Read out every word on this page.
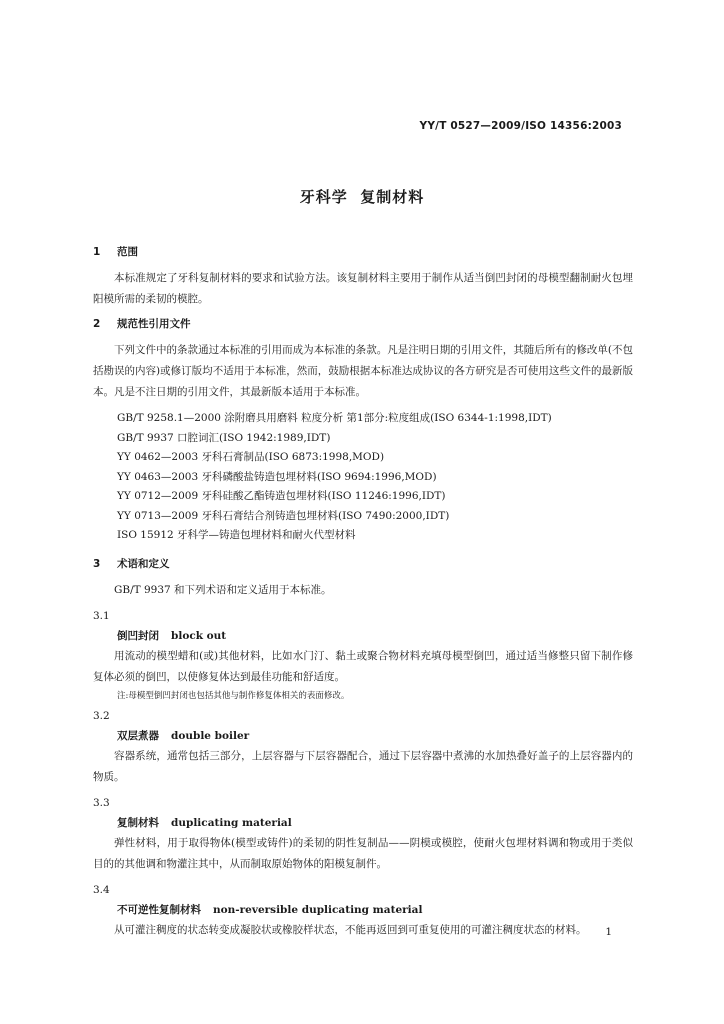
YY/T 0527—2009/ISO 14356:2003
牙科学  复制材料
1 范围
本标准规定了牙科复制材料的要求和试验方法。该复制材料主要用于制作从适当倒凹封闭的母模型翻制耐火包埋阳模所需的柔韧的模腔。
2 规范性引用文件
下列文件中的条款通过本标准的引用而成为本标准的条款。凡是注明日期的引用文件，其随后所有的修改单(不包括勘误的内容)或修订版均不适用于本标准，然而，鼓励根据本标准达成协议的各方研究是否可使用这些文件的最新版本。凡是不注日期的引用文件，其最新版本适用于本标准。
GB/T 9258.1—2000 涂附磨具用磨料 粒度分析 第1部分:粒度组成(ISO 6344-1:1998,IDT)
GB/T 9937 口腔词汇(ISO 1942:1989,IDT)
YY 0462—2003 牙科石膏制品(ISO 6873:1998,MOD)
YY 0463—2003 牙科磷酸盐铸造包埋材料(ISO 9694:1996,MOD)
YY 0712—2009 牙科硅酸乙酯铸造包埋材料(ISO 11246:1996,IDT)
YY 0713—2009 牙科石膏结合剂铸造包埋材料(ISO 7490:2000,IDT)
ISO 15912 牙科学—铸造包埋材料和耐火代型材料
3 术语和定义
GB/T 9937 和下列术语和定义适用于本标准。
3.1
倒凹封闭 block out
用流动的模型蜡和(或)其他材料，比如水门汀、黏土或聚合物材料充填母模型倒凹，通过适当修整只留下制作修复体必须的倒凹，以使修复体达到最佳功能和舒适度。
注:母模型倒凹封闭也包括其他与制作修复体相关的表面修改。
3.2
双层煮器 double boiler
容器系统，通常包括三部分，上层容器与下层容器配合，通过下层容器中煮沸的水加热叠好盖子的上层容器内的物质。
3.3
复制材料 duplicating material
弹性材料，用于取得物体(模型或铸件)的柔韧的阴性复制品——阴模或模腔，使耐火包埋材料调和物或用于类似目的的其他调和物灌注其中，从而制取原始物体的阳模复制件。
3.4
不可逆性复制材料 non-reversible duplicating material
从可灌注稠度的状态转变成凝胶状或橡胶样状态，不能再返回到可重复使用的可灌注稠度状态的材料。	1
